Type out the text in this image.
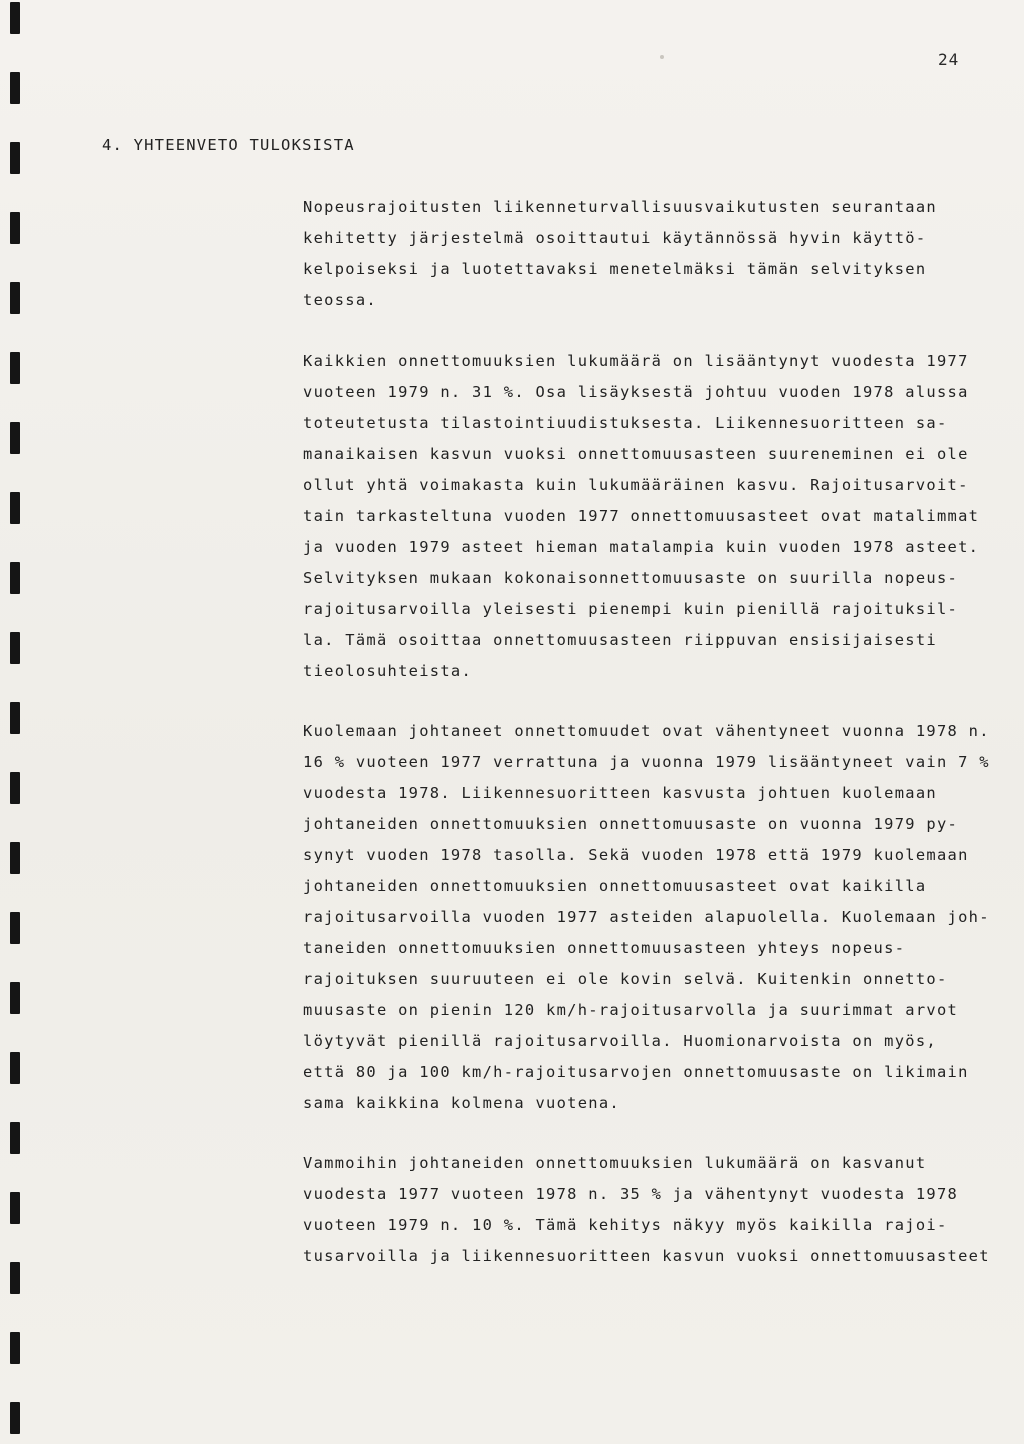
24
4. YHTEENVETO TULOKSISTA
Nopeusrajoitusten liikenneturvallisuusvaikutusten seurantaan
kehitetty järjestelmä osoittautui käytännössä hyvin käyttö-
kelpoiseksi ja luotettavaksi menetelmäksi tämän selvityksen
teossa.
Kaikkien onnettomuuksien lukumäärä on lisääntynyt vuodesta 1977
vuoteen 1979 n. 31 %. Osa lisäyksestä johtuu vuoden 1978 alussa
toteutetusta tilastointiuudistuksesta. Liikennesuoritteen sa-
manaikaisen kasvun vuoksi onnettomuusasteen suureneminen ei ole
ollut yhtä voimakasta kuin lukumääräinen kasvu. Rajoitusarvoit-
tain tarkasteltuna vuoden 1977 onnettomuusasteet ovat matalimmat
ja vuoden 1979 asteet hieman matalampia kuin vuoden 1978 asteet.
Selvityksen mukaan kokonaisonnettomuusaste on suurilla nopeus-
rajoitusarvoilla yleisesti pienempi kuin pienillä rajoituksil-
la. Tämä osoittaa onnettomuusasteen riippuvan ensisijaisesti
tieolosuhteista.
Kuolemaan johtaneet onnettomuudet ovat vähentyneet vuonna 1978 n.
16 % vuoteen 1977 verrattuna ja vuonna 1979 lisääntyneet vain 7 %
vuodesta 1978. Liikennesuoritteen kasvusta johtuen kuolemaan
johtaneiden onnettomuuksien onnettomuusaste on vuonna 1979 py-
synyt vuoden 1978 tasolla. Sekä vuoden 1978 että 1979 kuolemaan
johtaneiden onnettomuuksien onnettomuusasteet ovat kaikilla
rajoitusarvoilla vuoden 1977 asteiden alapuolella. Kuolemaan joh-
taneiden onnettomuuksien onnettomuusasteen yhteys nopeus-
rajoituksen suuruuteen ei ole kovin selvä. Kuitenkin onnetto-
muusaste on pienin 120 km/h-rajoitusarvolla ja suurimmat arvot
löytyvät pienillä rajoitusarvoilla. Huomionarvoista on myös,
että 80 ja 100 km/h-rajoitusarvojen onnettomuusaste on likimain
sama kaikkina kolmena vuotena.
Vammoihin johtaneiden onnettomuuksien lukumäärä on kasvanut
vuodesta 1977 vuoteen 1978 n. 35 % ja vähentynyt vuodesta 1978
vuoteen 1979 n. 10 %. Tämä kehitys näkyy myös kaikilla rajoi-
tusarvoilla ja liikennesuoritteen kasvun vuoksi onnettomuusasteet
